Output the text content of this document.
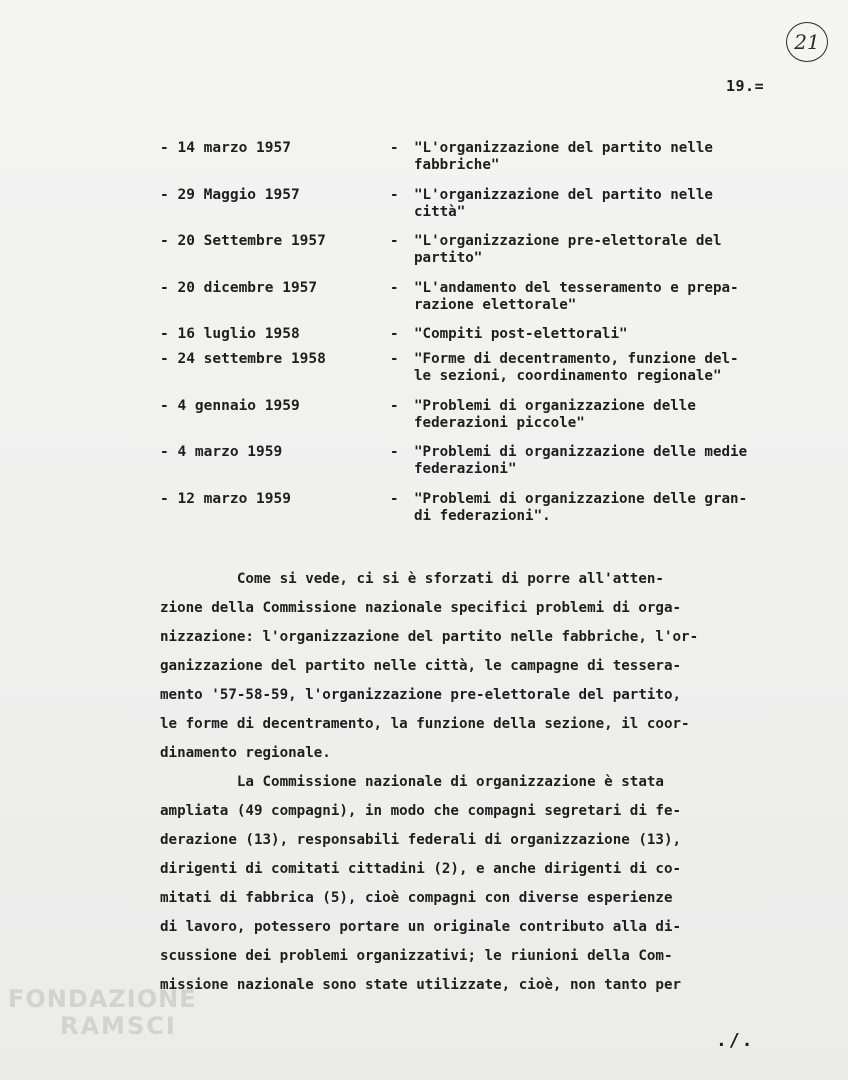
21
19.=
- 14 marzo 1957	- "L'organizzazione del partito nelle
fabbriche"
- 29 Maggio 1957	- "L'organizzazione del partito nelle
città"
- 20 Settembre 1957	- "L'organizzazione pre-elettorale del
partito"
- 20 dicembre 1957	- "L'andamento del tesseramento e prepa-
razione elettorale"
- 16 luglio 1958	- "Compiti post-elettorali"
- 24 settembre 1958	- "Forme di decentramento, funzione del-
le sezioni, coordinamento regionale"
- 4 gennaio 1959	- "Problemi di organizzazione delle
federazioni piccole"
- 4 marzo 1959	- "Problemi di organizzazione delle medie
federazioni"
- 12 marzo 1959	- "Problemi di organizzazione delle gran-
di federazioni".

Come si vede, ci si è sforzati di porre all'atten-
zione della Commissione nazionale specifici problemi di orga-
nizzazione: l'organizzazione del partito nelle fabbriche, l'or-
ganizzazione del partito nelle città, le campagne di tessera-
mento '57-58-59, l'organizzazione pre-elettorale del partito,
le forme di decentramento, la funzione della sezione, il coor-
dinamento regionale.

La Commissione nazionale di organizzazione è stata
ampliata (49 compagni), in modo che compagni segretari di fe-
derazione (13), responsabili federali di organizzazione (13),
dirigenti di comitati cittadini (2), e anche dirigenti di co-
mitati di fabbrica (5), cioè compagni con diverse esperienze
di lavoro, potessero portare un originale contributo alla di-
scussione dei problemi organizzativi; le riunioni della Com-
missione nazionale sono state utilizzate, cioè, non tanto per

FONDAZIONE
RAMSCI
./.
